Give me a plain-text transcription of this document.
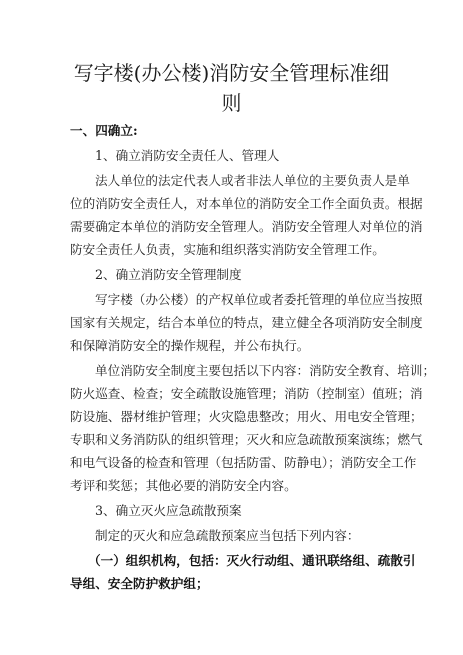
写字楼(办公楼)消防安全管理标准细
则
一、四确立:
1、确立消防安全责任人、管理人
法人单位的法定代表人或者非法人单位的主要负责人是单
位的消防安全责任人，对本单位的消防安全工作全面负责。根据
需要确定本单位的消防安全管理人。消防安全管理人对单位的消
防安全责任人负责，实施和组织落实消防安全管理工作。
2、确立消防安全管理制度
写字楼（办公楼）的产权单位或者委托管理的单位应当按照
国家有关规定，结合本单位的特点，建立健全各项消防安全制度
和保障消防安全的操作规程，并公布执行。
单位消防安全制度主要包括以下内容：消防安全教育、培训；
防火巡查、检查；安全疏散设施管理；消防（控制室）值班；消
防设施、器材维护管理；火灾隐患整改；用火、用电安全管理；
专职和义务消防队的组织管理；灭火和应急疏散预案演练；燃气
和电气设备的检查和管理（包括防雷、防静电）；消防安全工作
考评和奖惩；其他必要的消防安全内容。
3、确立灭火应急疏散预案
制定的灭火和应急疏散预案应当包括下列内容：
（一）组织机构，包括：灭火行动组、通讯联络组、疏散引
导组、安全防护救护组；
